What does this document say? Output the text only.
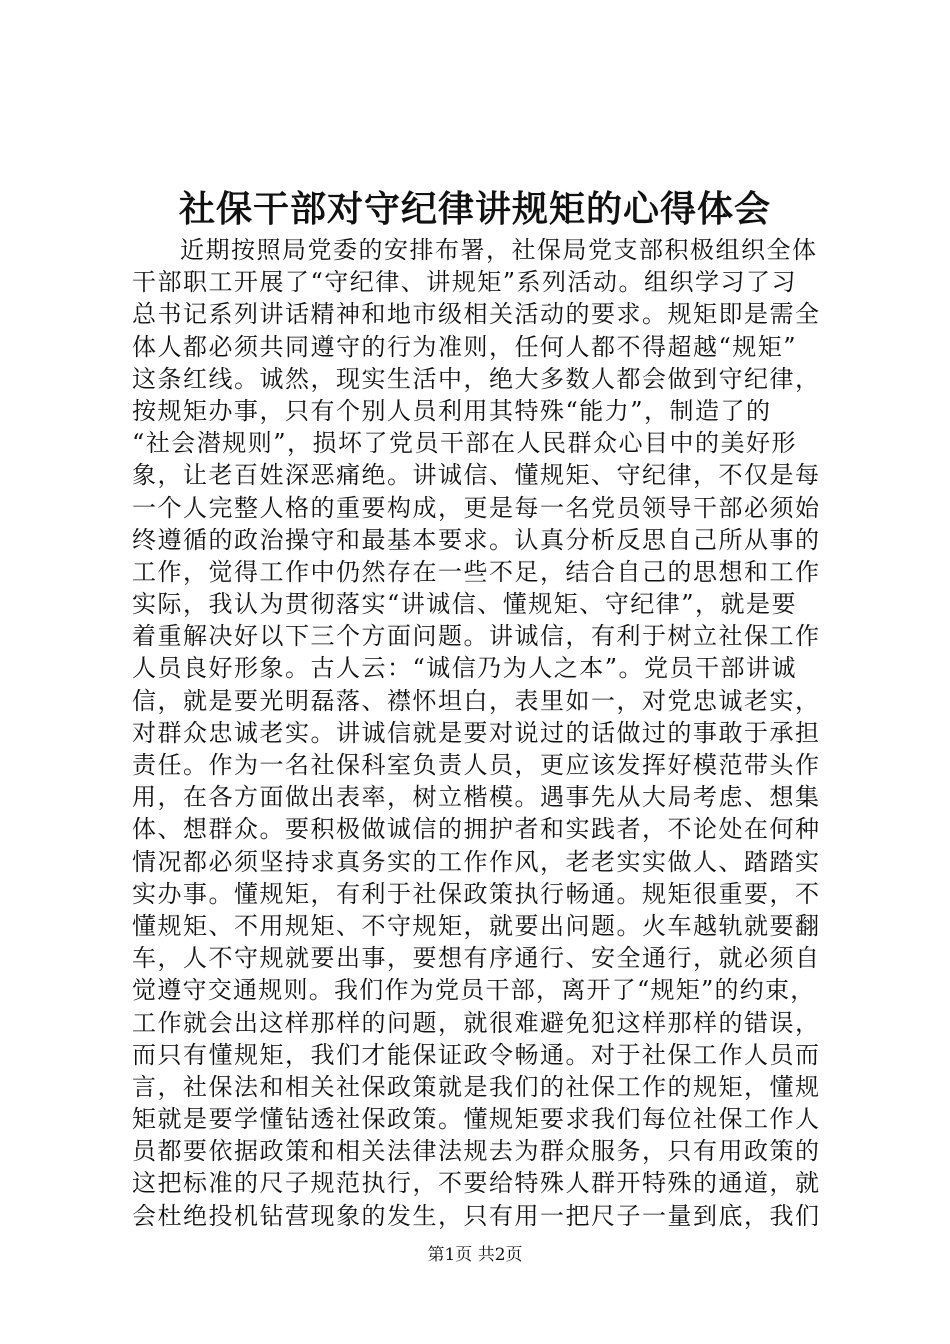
社保干部对守纪律讲规矩的心得体会
近期按照局党委的安排布署，社保局党支部积极组织全体
干部职工开展了“守纪律、讲规矩”系列活动。组织学习了习
总书记系列讲话精神和地市级相关活动的要求。规矩即是需全
体人都必须共同遵守的行为准则，任何人都不得超越“规矩”
这条红线。诚然，现实生活中，绝大多数人都会做到守纪律，
按规矩办事，只有个别人员利用其特殊“能力”，制造了的
“社会潜规则”，损坏了党员干部在人民群众心目中的美好形
象，让老百姓深恶痛绝。讲诚信、懂规矩、守纪律，不仅是每
一个人完整人格的重要构成，更是每一名党员领导干部必须始
终遵循的政治操守和最基本要求。认真分析反思自己所从事的
工作，觉得工作中仍然存在一些不足，结合自己的思想和工作
实际，我认为贯彻落实“讲诚信、懂规矩、守纪律”，就是要
着重解决好以下三个方面问题。讲诚信，有利于树立社保工作
人员良好形象。古人云：“诚信乃为人之本”。党员干部讲诚
信，就是要光明磊落、襟怀坦白，表里如一，对党忠诚老实，
对群众忠诚老实。讲诚信就是要对说过的话做过的事敢于承担
责任。作为一名社保科室负责人员，更应该发挥好模范带头作
用，在各方面做出表率，树立楷模。遇事先从大局考虑、想集
体、想群众。要积极做诚信的拥护者和实践者，不论处在何种
情况都必须坚持求真务实的工作作风，老老实实做人、踏踏实
实办事。懂规矩，有利于社保政策执行畅通。规矩很重要，不
懂规矩、不用规矩、不守规矩，就要出问题。火车越轨就要翻
车，人不守规就要出事，要想有序通行、安全通行，就必须自
觉遵守交通规则。我们作为党员干部，离开了“规矩”的约束，
工作就会出这样那样的问题，就很难避免犯这样那样的错误，
而只有懂规矩，我们才能保证政令畅通。对于社保工作人员而
言，社保法和相关社保政策就是我们的社保工作的规矩，懂规
矩就是要学懂钻透社保政策。懂规矩要求我们每位社保工作人
员都要依据政策和相关法律法规去为群众服务，只有用政策的
这把标准的尺子规范执行，不要给特殊人群开特殊的通道，就
会杜绝投机钻营现象的发生，只有用一把尺子一量到底，我们
第1页 共2页
